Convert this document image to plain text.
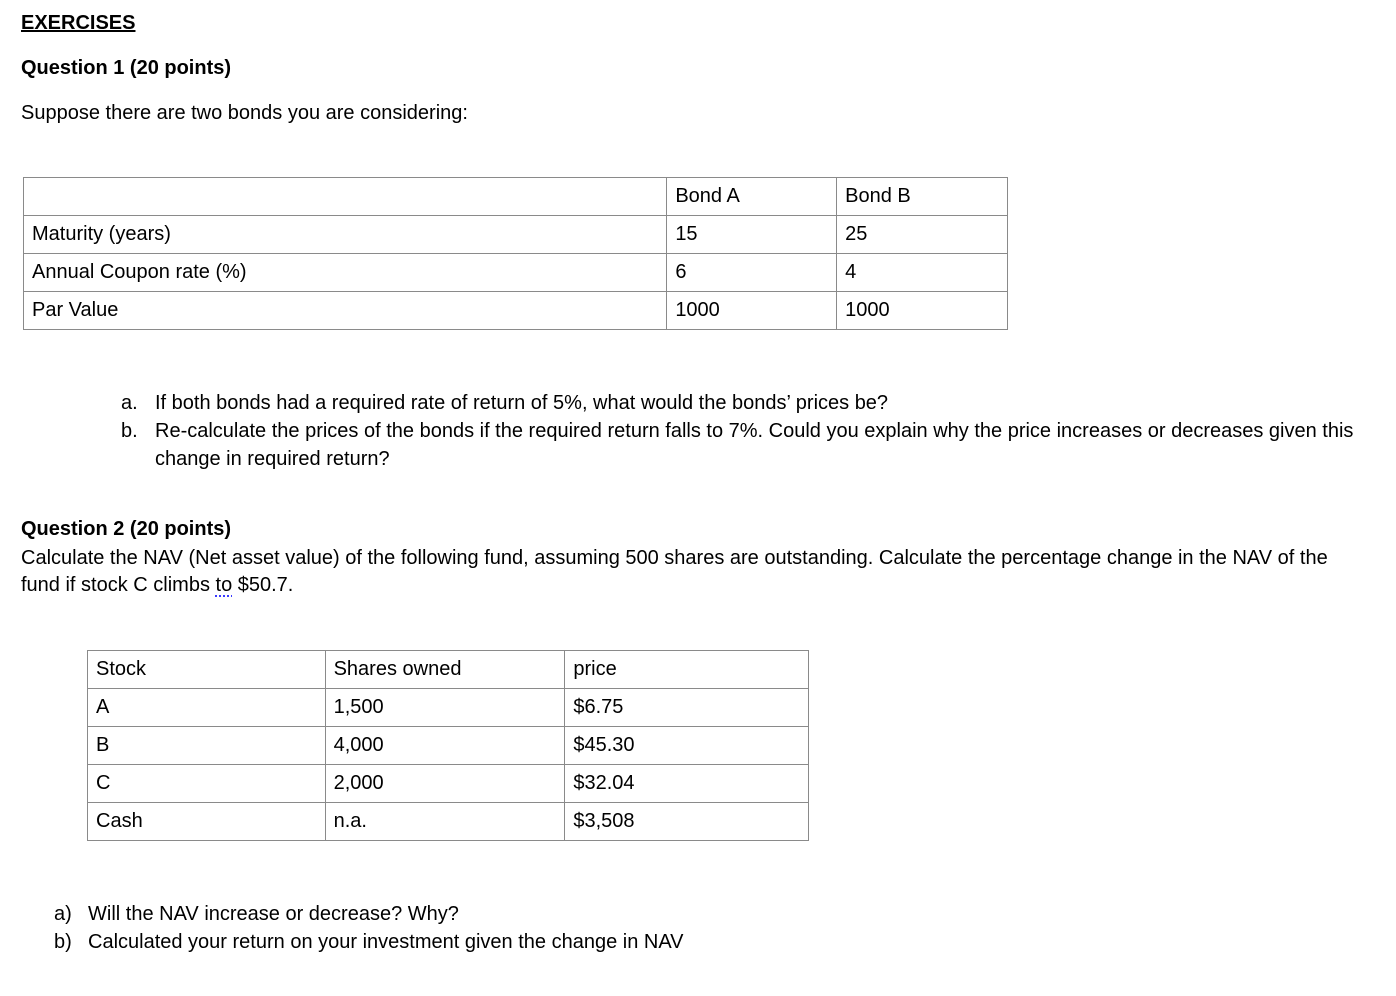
EXERCISES
Question 1 (20 points)
Suppose there are two bonds you are considering:
	Bond A	Bond B
Maturity (years)	15	25
Annual Coupon rate (%)	6	4
Par Value	1000	1000
a. If both bonds had a required rate of return of 5%, what would the bonds’ prices be?
b. Re-calculate the prices of the bonds if the required return falls to 7%. Could you explain why the price increases or decreases given this change in required return?
Question 2 (20 points)
Calculate the NAV (Net asset value) of the following fund, assuming 500 shares are outstanding. Calculate the percentage change in the NAV of the fund if stock C climbs to $50.7.
Stock	Shares owned	price
A	1,500	$6.75
B	4,000	$45.30
C	2,000	$32.04
Cash	n.a.	$3,508
a) Will the NAV increase or decrease? Why?
b) Calculated your return on your investment given the change in NAV
